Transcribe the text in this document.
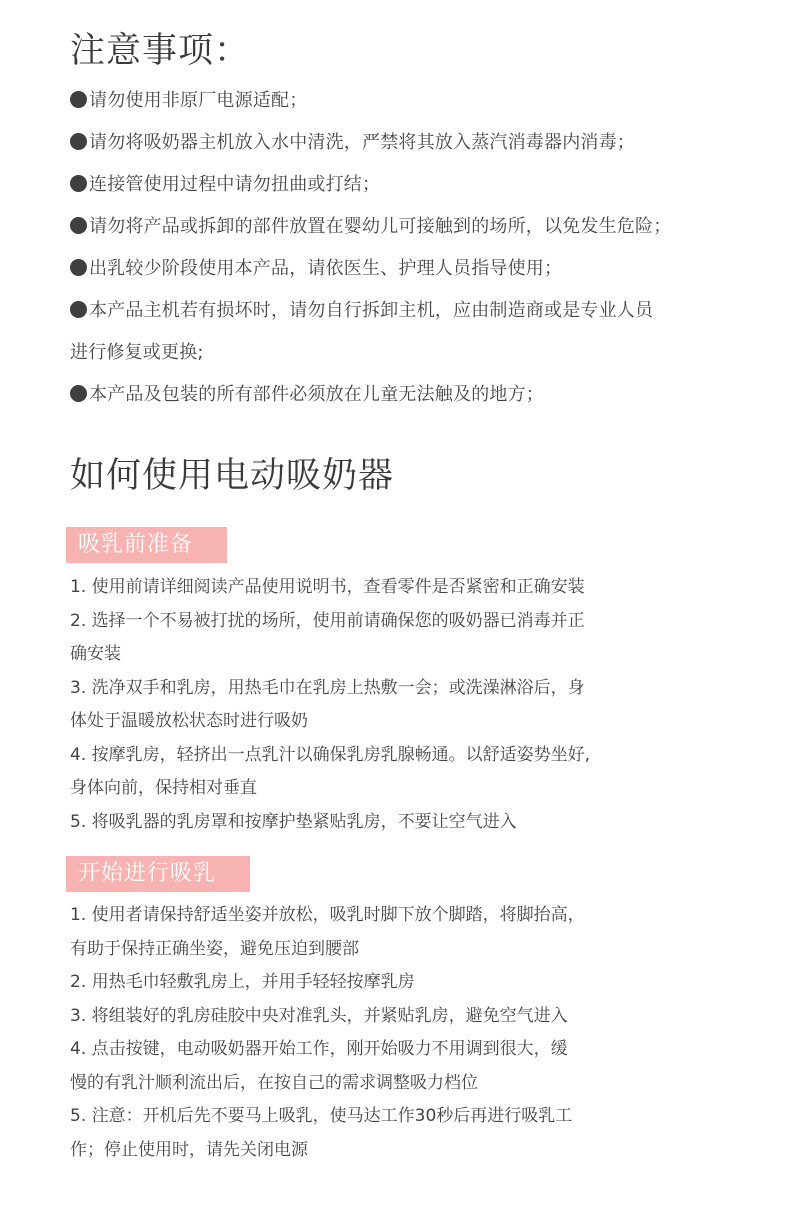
注意事项：
请勿使用非原厂电源适配；
请勿将吸奶器主机放入水中清洗，严禁将其放入蒸汽消毒器内消毒；
连接管使用过程中请勿扭曲或打结；
请勿将产品或拆卸的部件放置在婴幼儿可接触到的场所，以免发生危险；
出乳较少阶段使用本产品，请依医生、护理人员指导使用；
本产品主机若有损坏时，请勿自行拆卸主机，应由制造商或是专业人员
进行修复或更换;
本产品及包装的所有部件必须放在儿童无法触及的地方；
如何使用电动吸奶器
吸乳前准备
1. 使用前请详细阅读产品使用说明书，查看零件是否紧密和正确安装
2. 选择一个不易被打扰的场所，使用前请确保您的吸奶器已消毒并正
确安装
3. 洗净双手和乳房，用热毛巾在乳房上热敷一会；或洗澡淋浴后，身
体处于温暖放松状态时进行吸奶
4. 按摩乳房，轻挤出一点乳汁以确保乳房乳腺畅通。以舒适姿势坐好,
身体向前，保持相对垂直
5. 将吸乳器的乳房罩和按摩护垫紧贴乳房，不要让空气进入
开始进行吸乳
1. 使用者请保持舒适坐姿并放松，吸乳时脚下放个脚踏，将脚抬高，
有助于保持正确坐姿，避免压迫到腰部
2. 用热毛巾轻敷乳房上，并用手轻轻按摩乳房
3. 将组装好的乳房硅胶中央对准乳头，并紧贴乳房，避免空气进入
4. 点击按键，电动吸奶器开始工作，刚开始吸力不用调到很大，缓
慢的有乳汁顺利流出后，在按自己的需求调整吸力档位
5. 注意：开机后先不要马上吸乳，使马达工作30秒后再进行吸乳工
作；停止使用时，请先关闭电源
